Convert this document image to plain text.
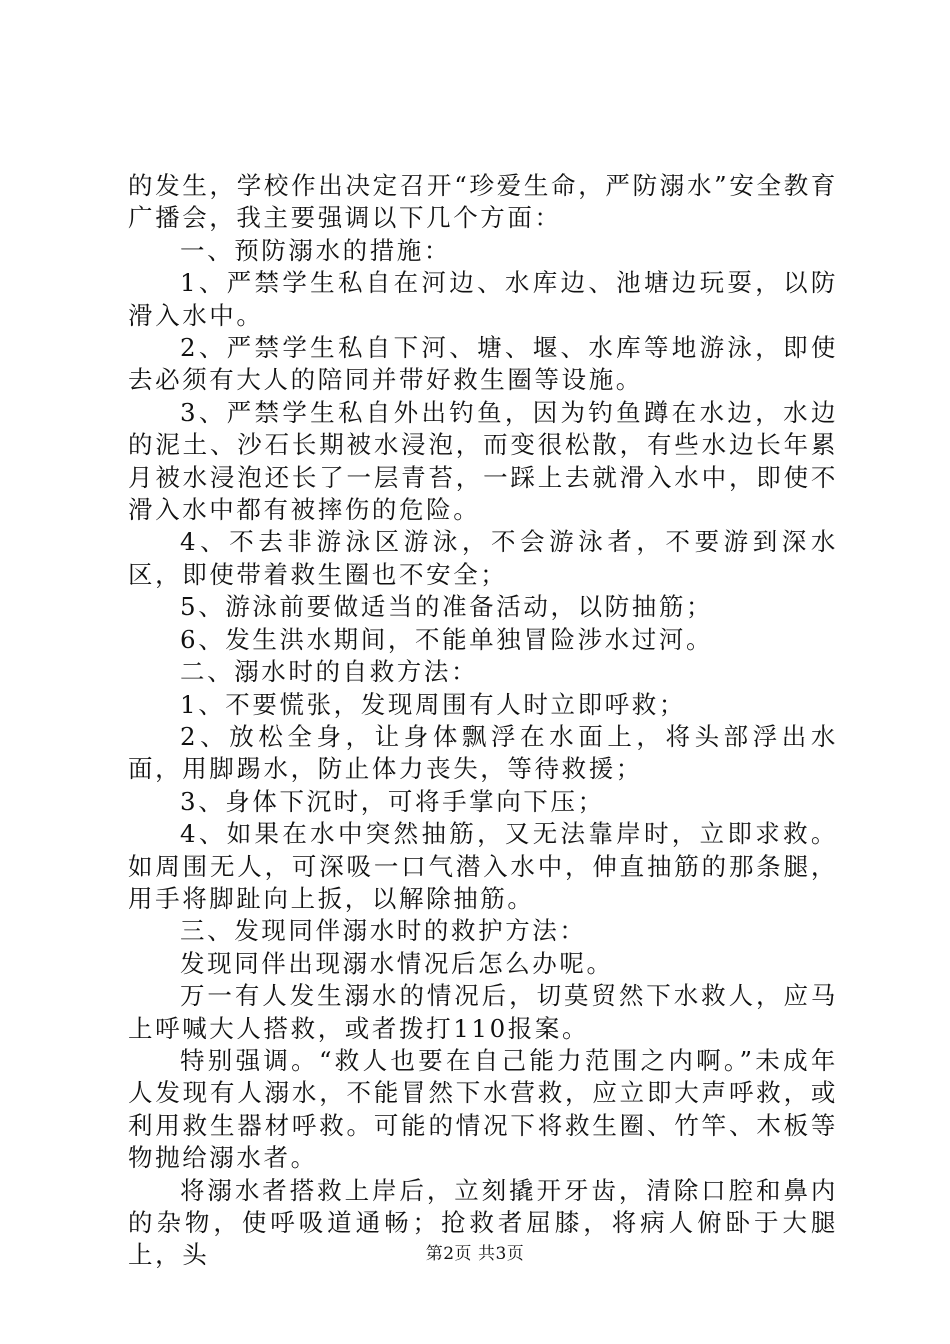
的发生，学校作出决定召开“珍爱生命，严防溺水”安全教育广播会，我主要强调以下几个方面：

一、预防溺水的措施：

1、严禁学生私自在河边、水库边、池塘边玩耍，以防滑入水中。

2、严禁学生私自下河、塘、堰、水库等地游泳，即使去必须有大人的陪同并带好救生圈等设施。

3、严禁学生私自外出钓鱼，因为钓鱼蹲在水边，水边的泥土、沙石长期被水浸泡，而变很松散，有些水边长年累月被水浸泡还长了一层青苔，一踩上去就滑入水中，即使不滑入水中都有被摔伤的危险。

4、不去非游泳区游泳，不会游泳者，不要游到深水区，即使带着救生圈也不安全；

5、游泳前要做适当的准备活动，以防抽筋；

6、发生洪水期间，不能单独冒险涉水过河。

二、溺水时的自救方法：

1、不要慌张，发现周围有人时立即呼救；

2、放松全身，让身体飘浮在水面上，将头部浮出水面，用脚踢水，防止体力丧失，等待救援；

3、身体下沉时，可将手掌向下压；

4、如果在水中突然抽筋，又无法靠岸时，立即求救。如周围无人，可深吸一口气潜入水中，伸直抽筋的那条腿，用手将脚趾向上扳，以解除抽筋。

三、发现同伴溺水时的救护方法：

发现同伴出现溺水情况后怎么办呢。

万一有人发生溺水的情况后，切莫贸然下水救人，应马上呼喊大人搭救，或者拨打110报案。

特别强调。“救人也要在自己能力范围之内啊。”未成年人发现有人溺水，不能冒然下水营救，应立即大声呼救，或利用救生器材呼救。可能的情况下将救生圈、竹竿、木板等物抛给溺水者。

将溺水者搭救上岸后，立刻撬开牙齿，清除口腔和鼻内的杂物，使呼吸道通畅；抢救者屈膝，将病人俯卧于大腿上，头	第2页 共3页
